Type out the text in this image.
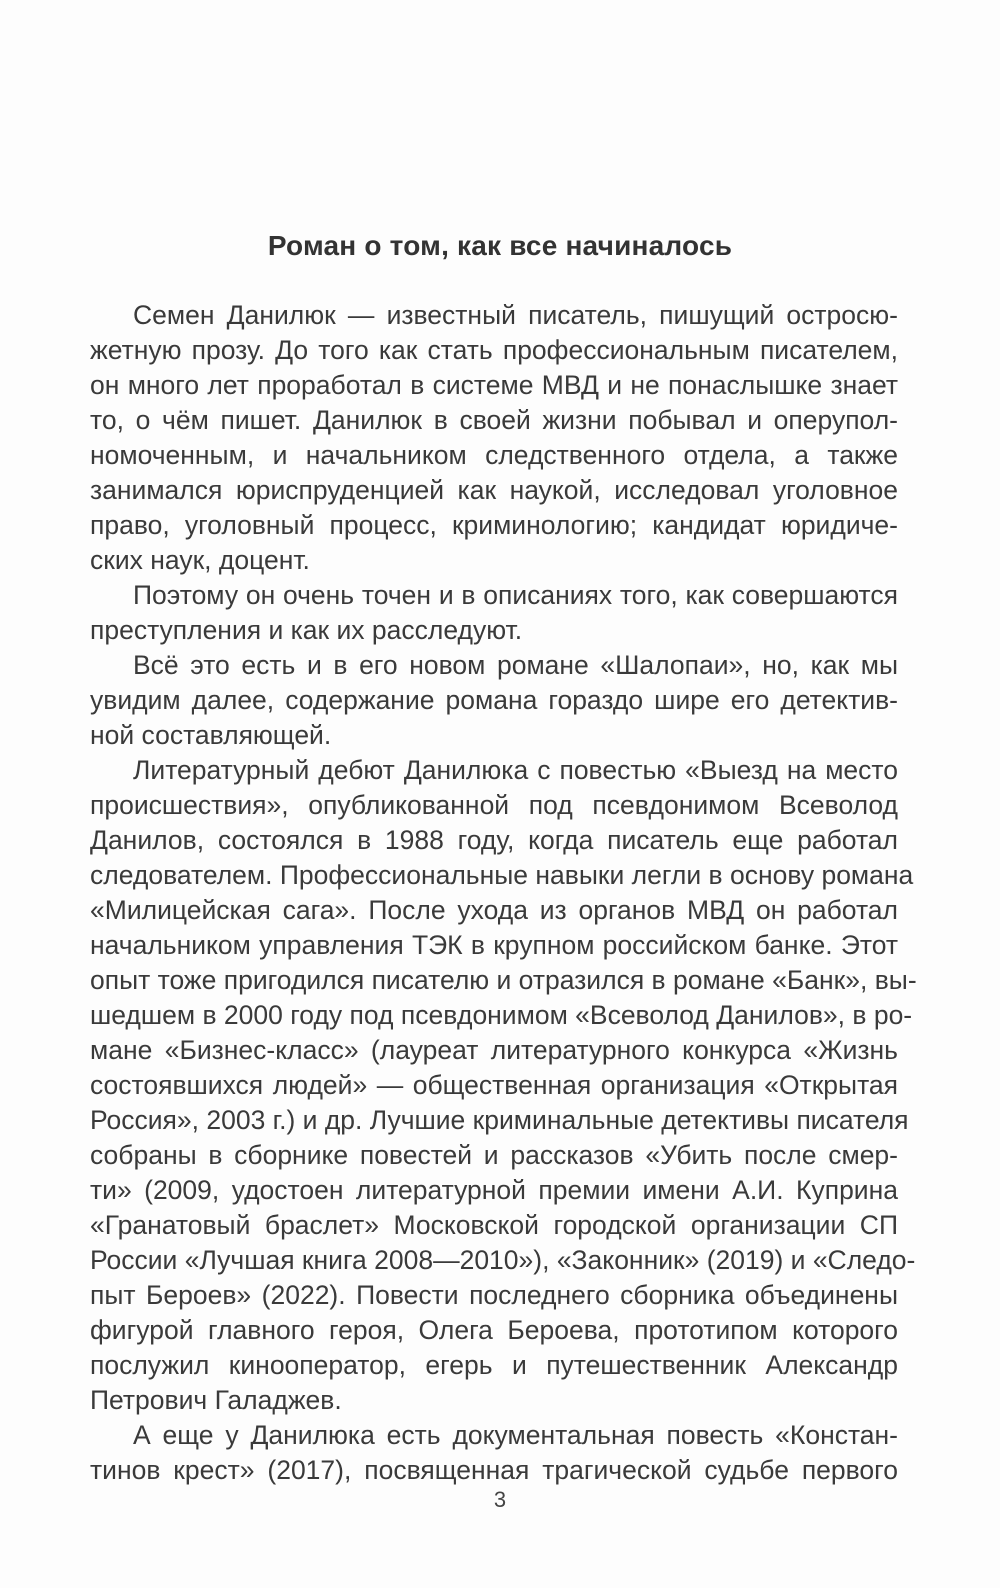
Роман о том, как все начиналось
Семен Данилюк — известный писатель, пишущий остросю-
жетную прозу. До того как стать профессиональным писателем,
он много лет проработал в системе МВД и не понаслышке знает
то, о чём пишет. Данилюк в своей жизни побывал и оперупол-
номоченным, и начальником следственного отдела, а также
занимался юриспруденцией как наукой, исследовал уголовное
право, уголовный процесс, криминологию; кандидат юридиче-
ских наук, доцент.
Поэтому он очень точен и в описаниях того, как совершаются
преступления и как их расследуют.
Всё это есть и в его новом романе «Шалопаи», но, как мы
увидим далее, содержание романа гораздо шире его детектив-
ной составляющей.
Литературный дебют Данилюка с повестью «Выезд на место
происшествия», опубликованной под псевдонимом Всеволод
Данилов, состоялся в 1988 году, когда писатель еще работал
следователем. Профессиональные навыки легли в основу романа
«Милицейская сага». После ухода из органов МВД он работал
начальником управления ТЭК в крупном российском банке. Этот
опыт тоже пригодился писателю и отразился в романе «Банк», вы-
шедшем в 2000 году под псевдонимом «Всеволод Данилов», в ро-
мане «Бизнес-класс» (лауреат литературного конкурса «Жизнь
состоявшихся людей» — общественная организация «Открытая
Россия», 2003 г.) и др. Лучшие криминальные детективы писателя
собраны в сборнике повестей и рассказов «Убить после смер-
ти» (2009, удостоен литературной премии имени А.И. Куприна
«Гранатовый браслет» Московской городской организации СП
России «Лучшая книга 2008—2010»), «Законник» (2019) и «Следо-
пыт Бероев» (2022). Повести последнего сборника объединены
фигурой главного героя, Олега Бероева, прототипом которого
послужил кинооператор, егерь и путешественник Александр
Петрович Галаджев.
А еще у Данилюка есть документальная повесть «Констан-
тинов крест» (2017), посвященная трагической судьбе первого
3
